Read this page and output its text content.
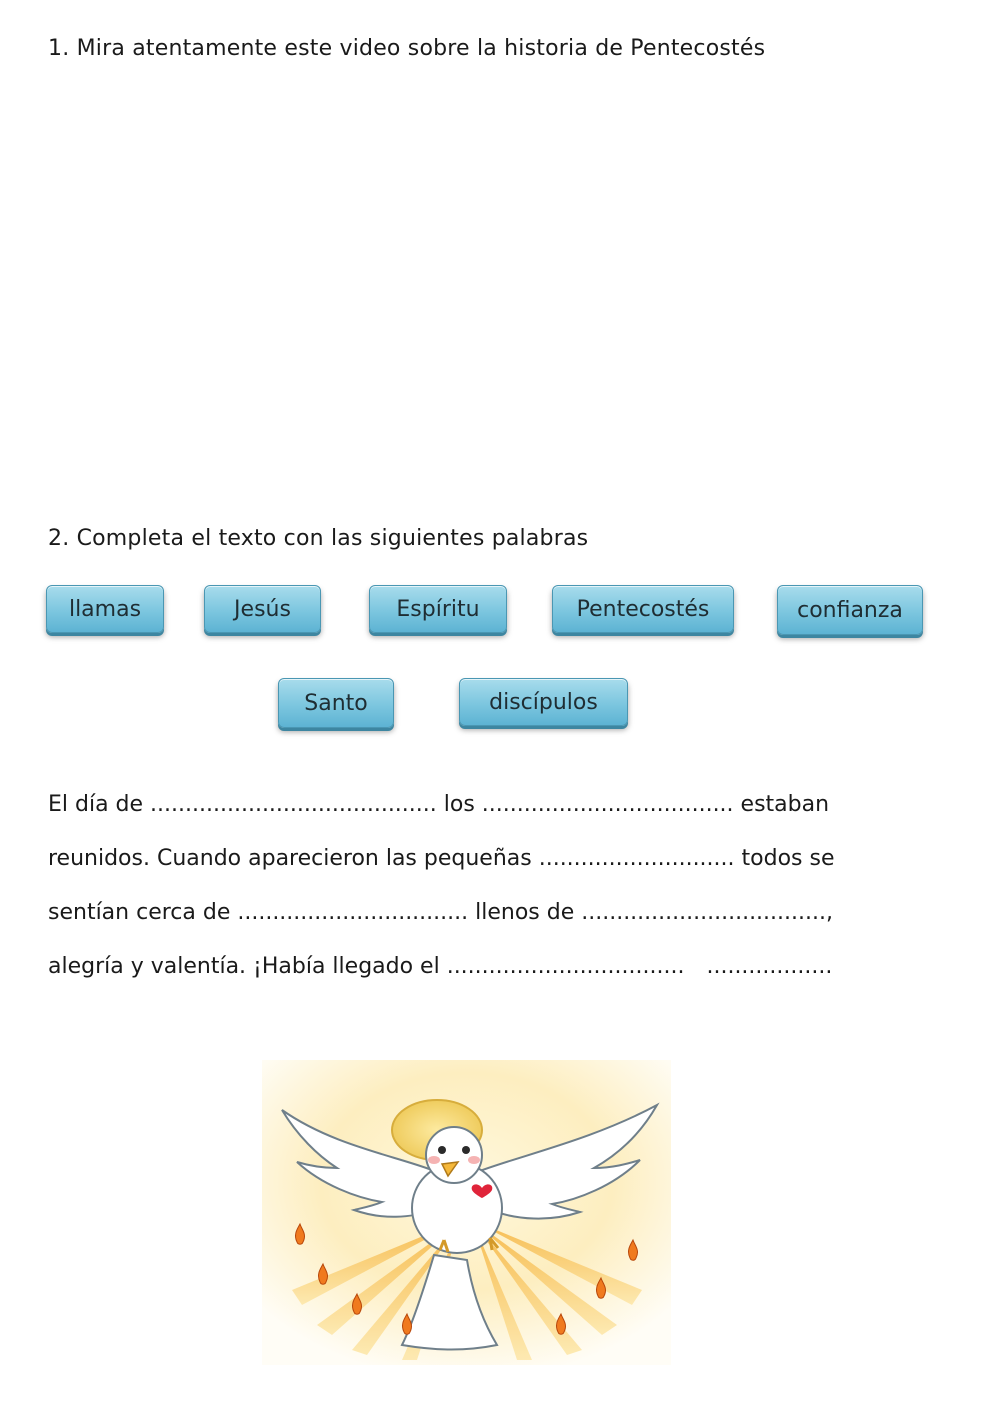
1. Mira atentamente este video sobre la historia de Pentecostés
2. Completa el texto con las siguientes palabras
llamas	Jesús	Espíritu	Pentecostés	confianza
Santo	discípulos
El día de ......................................... los .................................... estaban
reunidos. Cuando aparecieron las pequeñas ............................ todos se
sentían cerca de ................................. llenos de ...................................,
alegría y valentía. ¡Había llegado el .................................. ..................
